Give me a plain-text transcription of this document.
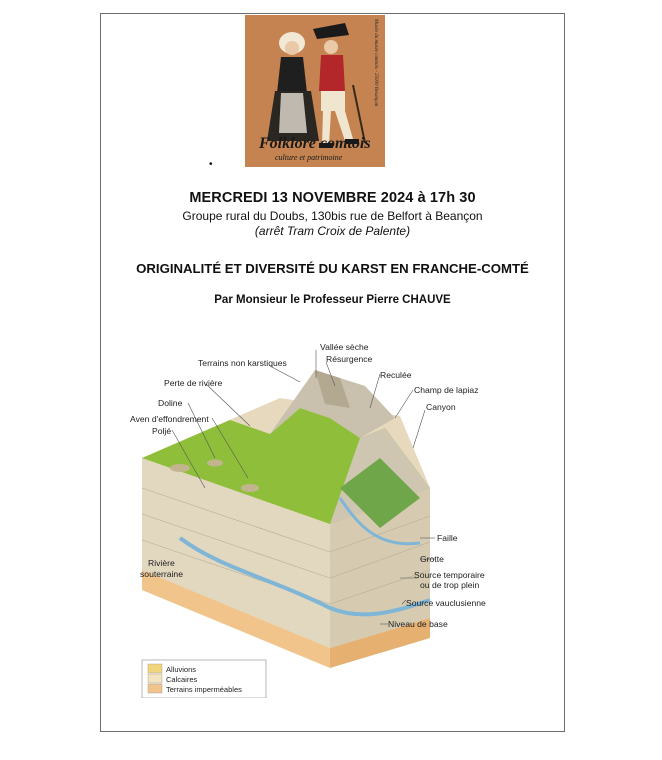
Folklore comtois
culture et patrimoine
Musée du musée comtois - 25000 Besançon
•
MERCREDI 13 NOVEMBRE 2024 à 17h 30
Groupe rural du Doubs, 130bis rue de Belfort à Beançon
(arrêt Tram Croix de Palente)
ORIGINALITÉ ET DIVERSITÉ DU KARST EN FRANCHE-COMTÉ
Par Monsieur le Professeur Pierre CHAUVE
Vallée sèche
Terrains non karstiques	Résurgence
Perte de rivière
Reculée
Champ de lapiaz
Doline	Canyon
Aven d'effondrement
Poljé
Faille
Grotte
Rivière
souterraine	Source temporaire
ou de trop plein
Source vauclusienne
Niveau de base
Alluvions
Calcaires
Terrains imperméables
